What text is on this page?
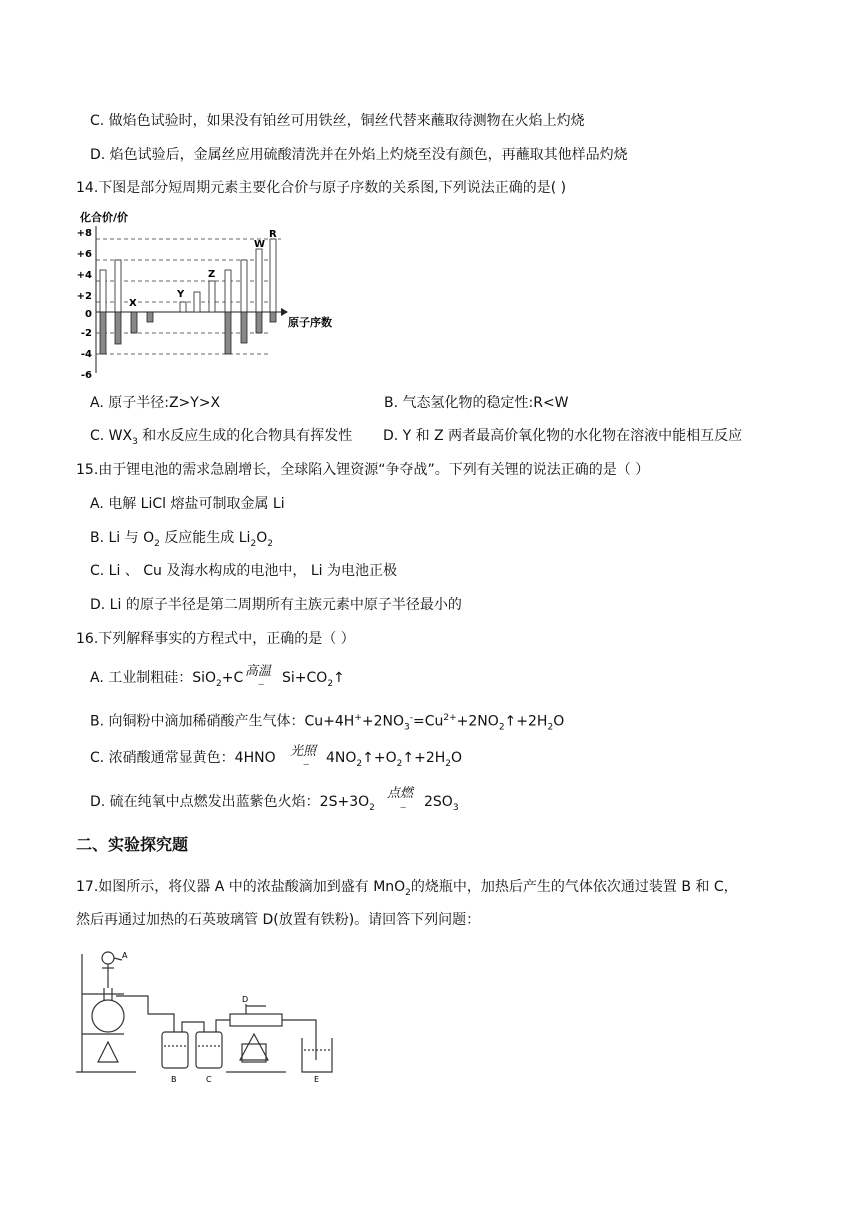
C. 做焰色试验时，如果没有铂丝可用铁丝，铜丝代替来蘸取待测物在火焰上灼烧
D. 焰色试验后，金属丝应用硫酸清洗并在外焰上灼烧至没有颜色，再蘸取其他样品灼烧
14.下图是部分短周期元素主要化合价与原子序数的关系图,下列说法正确的是( )
化合价/价
+8
+6
+4
+2
0
-2
-4
-6
原子序数
X
Y
Z
W
R
A. 原子半径:Z>Y>X	B. 气态氢化物的稳定性:R<W
C. $WX_3$ 和水反应生成的化合物具有挥发性 D. Y 和 Z 两者最高价氧化物的水化物在溶液中能相互反应
15.由于锂电池的需求急剧增长，全球陷入锂资源“争夺战”。下列有关锂的说法正确的是（ ）
A. 电解 LiCl 熔盐可制取金属 Li
B. Li 与 $O_2$ 反应能生成 $Li_2O_2$
C. Li 、 Cu 及海水构成的电池中， Li 为电池正极
D. Li 的原子半径是第二周期所有主族元素中原子半径最小的
16.下列解释事实的方程式中，正确的是（ ）
A. 工业制粗硅：SiO$_2$+C 高温
‒ $Si+CO_2↑$
B. 向铜粉中滴加稀硝酸产生气体：$Cu+4H^++2NO_3^-=Cu^{2+}+2NO_2↑+2H_2O$
C. 浓硝酸通常显黄色：4HNO 光照
‒ $4NO_2↑+O_2↑+2H_2O$
D. 硫在纯氧中点燃发出蓝紫色火焰：$2S+3O_2$
点燃
‒ $2SO_3$
二、实验探究题
17.如图所示，将仪器 A 中的浓盐酸滴加到盛有 MnO$_2$的烧瓶中，加热后产生的气体依次通过装置 B 和 C，
然后再通过加热的石英玻璃管 D(放置有铁粉)。请回答下列问题：
A
B	C
D
E
